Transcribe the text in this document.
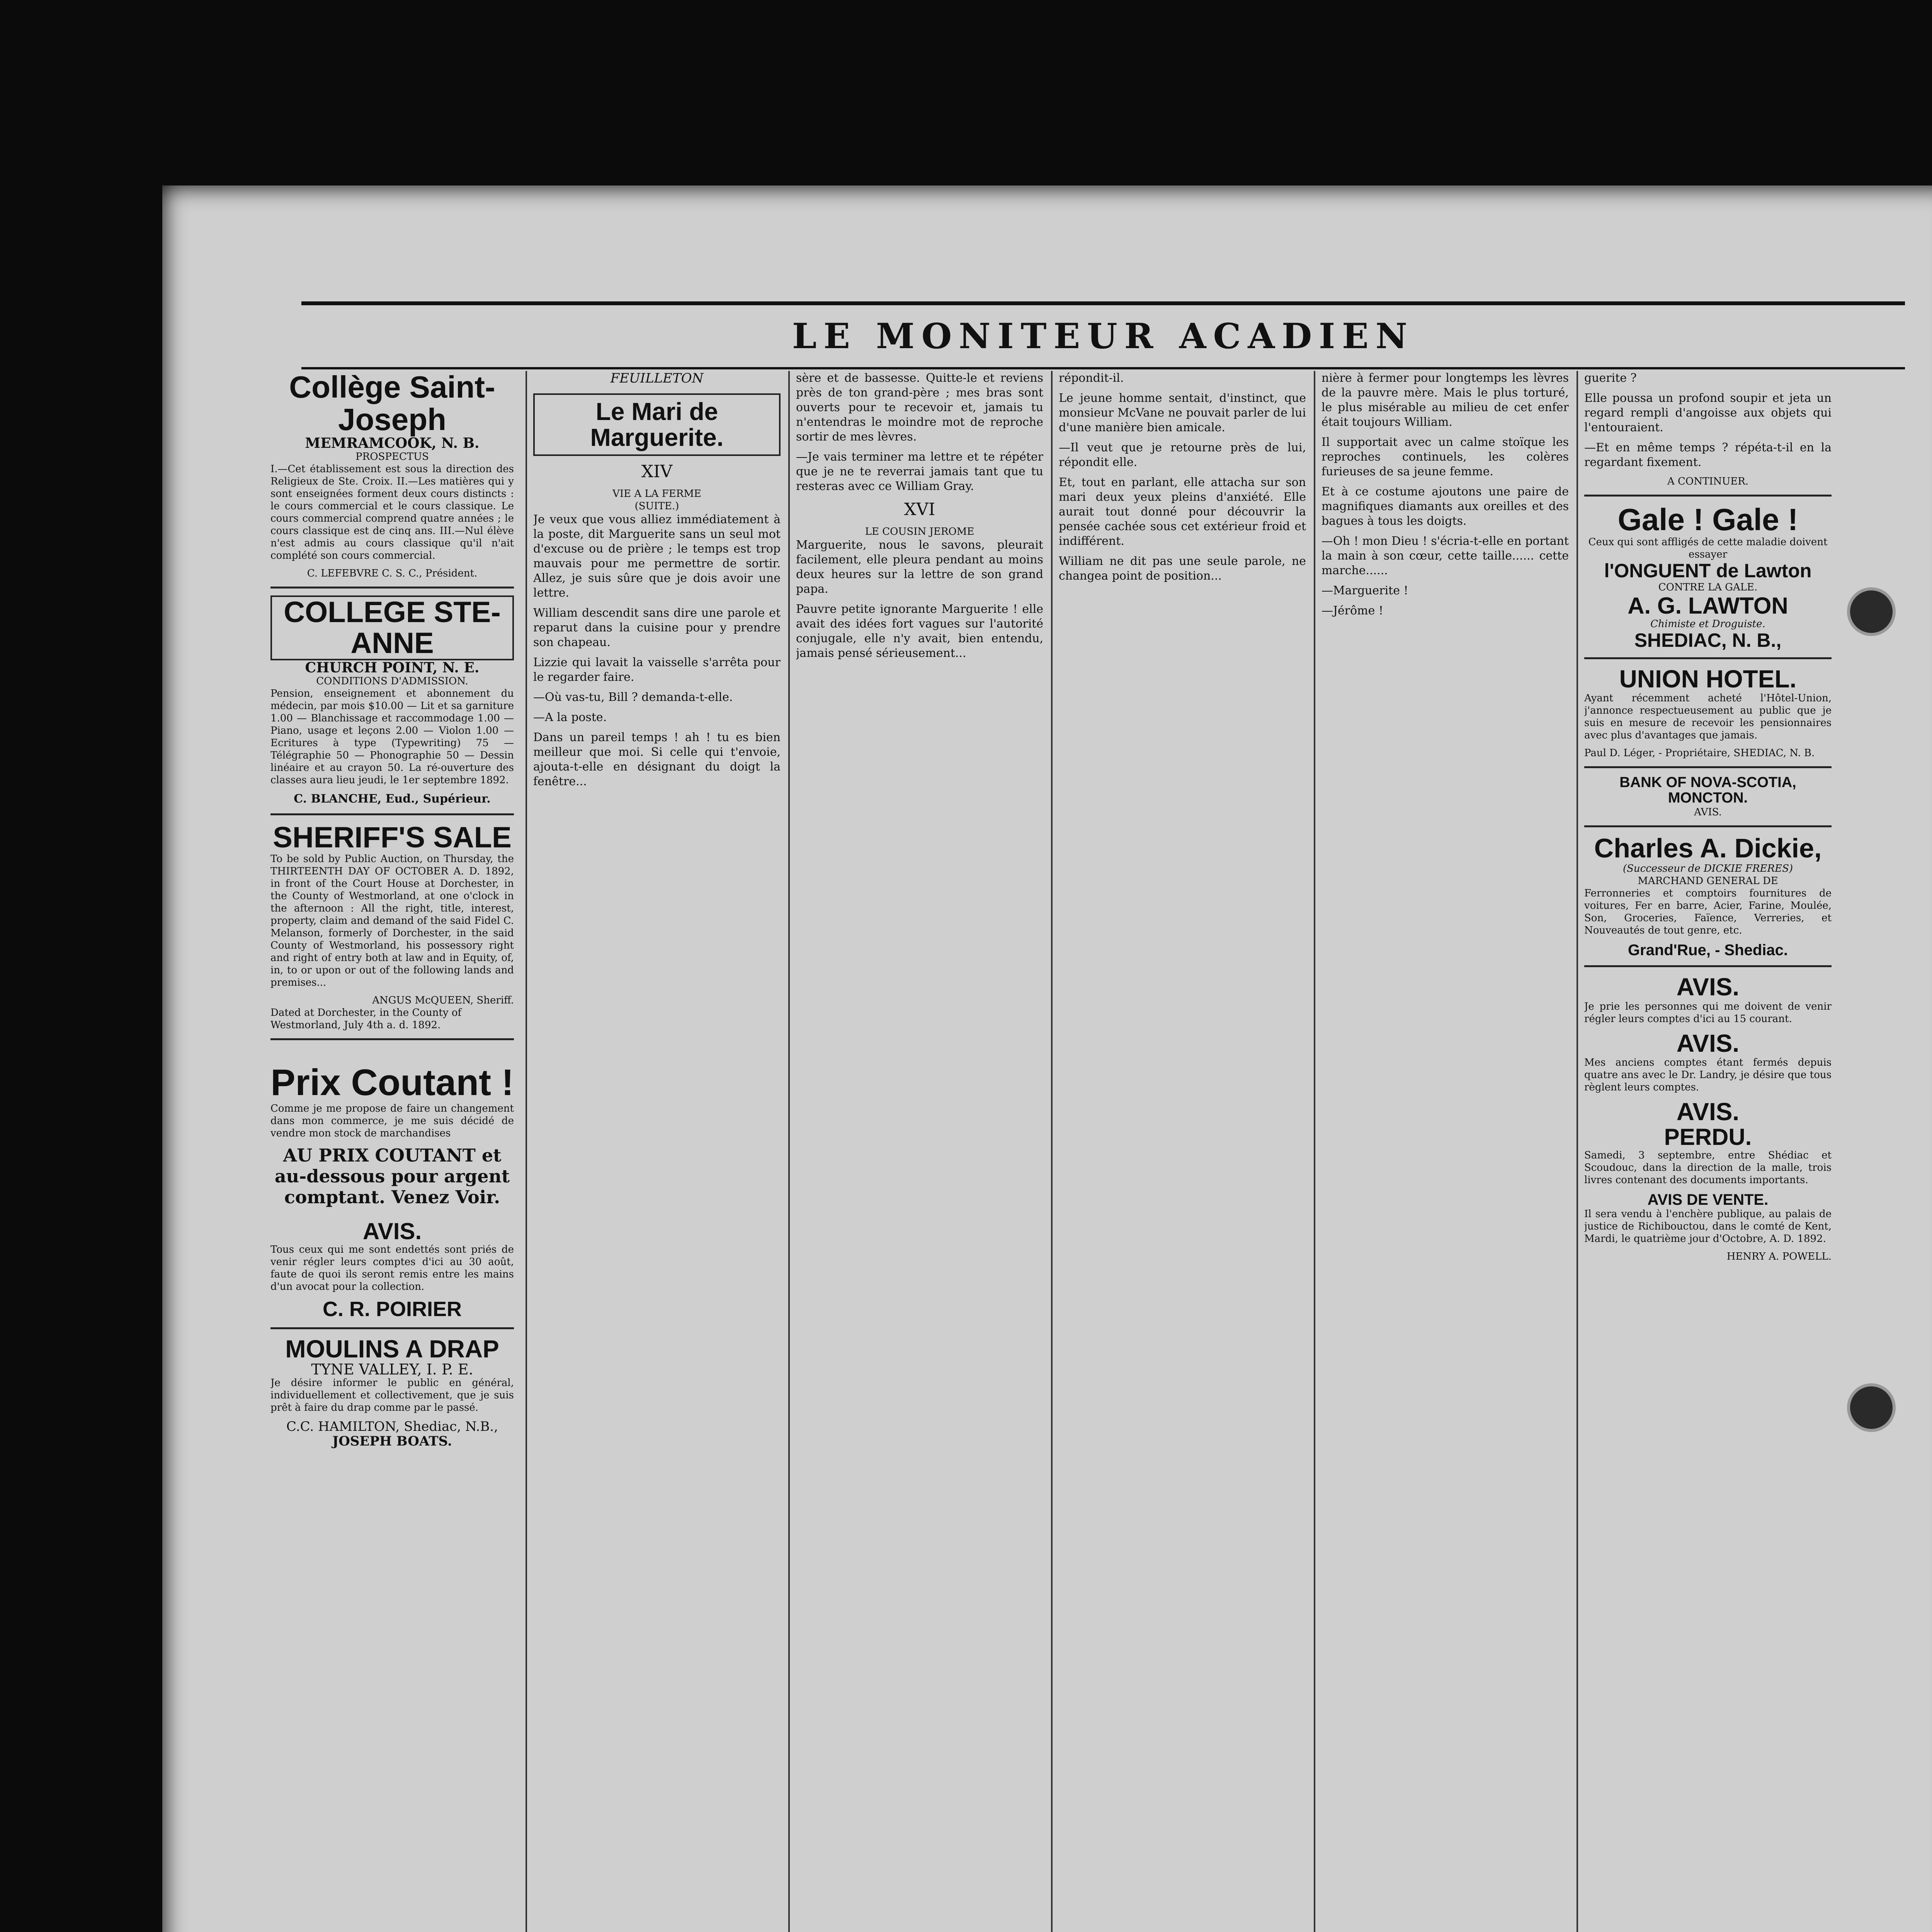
LE MONITEUR ACADIEN
Collège Saint-Joseph
MEMRAMCOOK, N. B.
PROSPECTUS

I.—Cet établissement est sous la direction des Religieux de Ste. Croix. II.—Les matières qui y sont enseignées forment deux cours distincts : le cours commercial et le cours classique. Le cours commercial comprend quatre années ; le cours classique est de cinq ans. III.—Nul élève n'est admis au cours classique qu'il n'ait complété son cours commercial.

C. LEFEBVRE C. S. C., Président.
COLLEGE STE-ANNE
CHURCH POINT, N. E.
CONDITIONS D'ADMISSION.

Pension, enseignement et abonnement du médecin, par mois $10.00 — Lit et sa garniture 1.00 — Blanchissage et raccommodage 1.00 — Piano, usage et leçons 2.00 — Violon 1.00 — Ecritures à type (Typewriting) 75 — Télégraphie 50 — Phonographie 50 — Dessin linéaire et au crayon 50. La ré-ouverture des classes aura lieu jeudi, le 1er septembre 1892.

C. BLANCHE, Eud., Supérieur.
SHERIFF'S SALE

To be sold by Public Auction, on Thursday, the THIRTEENTH DAY OF OCTOBER A. D. 1892, in front of the Court House at Dorchester, in the County of Westmorland, at one o'clock in the afternoon : All the right, title, interest, property, claim and demand of the said Fidel C. Melanson, formerly of Dorchester, in the said County of Westmorland, his possessory right and right of entry both at law and in Equity, of, in, to or upon or out of the following lands and premises...

ANGUS McQUEEN, Sheriff.
Dated at Dorchester, in the County of Westmorland, July 4th a. d. 1892.
Prix Coutant !

Comme je me propose de faire un changement dans mon commerce, je me suis décidé de vendre mon stock de marchandises

AU PRIX COUTANT et au-dessous pour argent comptant. Venez Voir.
AVIS.

Tous ceux qui me sont endettés sont priés de venir régler leurs comptes d'ici au 30 août, faute de quoi ils seront remis entre les mains d'un avocat pour la collection.

C. R. POIRIER
MOULINS A DRAP
TYNE VALLEY, I. P. E.

Je désire informer le public en général, individuellement et collectivement, que je suis prêt à faire du drap comme par le passé.

C.C. HAMILTON, Shediac, N.B.,
JOSEPH BOATS.
FEUILLETON
Le Mari de Marguerite.
XIV
VIE A LA FERME
(SUITE.)

Je veux que vous alliez immédiatement à la poste, dit Marguerite sans un seul mot d'excuse ou de prière ; le temps est trop mauvais pour me permettre de sortir. Allez, je suis sûre que je dois avoir une lettre.

William descendit sans dire une parole et reparut dans la cuisine pour y prendre son chapeau.

Lizzie qui lavait la vaisselle s'arrêta pour le regarder faire.

—Où vas-tu, Bill ? demanda-t-elle.

—A la poste.

Dans un pareil temps ! ah ! tu es bien meilleur que moi. Si celle qui t'envoie, ajouta-t-elle en désignant du doigt la fenêtre...

sère et de bassesse. Quitte-le et reviens près de ton grand-père ; mes bras sont ouverts pour te recevoir et, jamais tu n'entendras le moindre mot de reproche sortir de mes lèvres.

—Je vais terminer ma lettre et te répéter que je ne te reverrai jamais tant que tu resteras avec ce William Gray.

XVI
LE COUSIN JEROME

Marguerite, nous le savons, pleurait facilement, elle pleura pendant au moins deux heures sur la lettre de son grand papa.

Pauvre petite ignorante Marguerite ! elle avait des idées fort vagues sur l'autorité conjugale, elle n'y avait, bien entendu, jamais pensé sérieusement...

répondit-il.

Le jeune homme sentait, d'instinct, que monsieur McVane ne pouvait parler de lui d'une manière bien amicale.

—Il veut que je retourne près de lui, répondit elle.

Et, tout en parlant, elle attacha sur son mari deux yeux pleins d'anxiété. Elle aurait tout donné pour découvrir la pensée cachée sous cet extérieur froid et indifférent.

William ne dit pas une seule parole, ne changea point de position...

nière à fermer pour longtemps les lèvres de la pauvre mère. Mais le plus torturé, le plus misérable au milieu de cet enfer était toujours William.

Il supportait avec un calme stoïque les reproches continuels, les colères furieuses de sa jeune femme.

Et à ce costume ajoutons une paire de magnifiques diamants aux oreilles et des bagues à tous les doigts.

—Oh ! mon Dieu ! s'écria-t-elle en portant la main à son cœur, cette taille...... cette marche......

—Marguerite !

—Jérôme !

guerite ?

Elle poussa un profond soupir et jeta un regard rempli d'angoisse aux objets qui l'entouraient.

—Et en même temps ? répéta-t-il en la regardant fixement.

A CONTINUER.
Gale ! Gale !
Ceux qui sont affligés de cette maladie doivent essayer
l'ONGUENT de Lawton
CONTRE LA GALE.
A. G. LAWTON
Chimiste et Droguiste.
SHEDIAC, N. B.,
UNION HOTEL.

Ayant récemment acheté l'Hôtel-Union, j'annonce respectueusement au public que je suis en mesure de recevoir les pensionnaires avec plus d'avantages que jamais.

Paul D. Léger, - Propriétaire, SHEDIAC, N. B.
BANK OF NOVA-SCOTIA, MONCTON.
AVIS.
Charles A. Dickie,
(Successeur de DICKIE FRERES)
MARCHAND GENERAL DE

Ferronneries et comptoirs fournitures de voitures, Fer en barre, Acier, Farine, Moulée, Son, Groceries, Faïence, Verreries, et Nouveautés de tout genre, etc.

Grand'Rue, - Shediac.
AVIS.

Je prie les personnes qui me doivent de venir régler leurs comptes d'ici au 15 courant.

AVIS.

Mes anciens comptes étant fermés depuis quatre ans avec le Dr. Landry, je désire que tous règlent leurs comptes.

AVIS.
PERDU.

Samedi, 3 septembre, entre Shédiac et Scoudouc, dans la direction de la malle, trois livres contenant des documents importants.

AVIS DE VENTE.

Il sera vendu à l'enchère publique, au palais de justice de Richibouctou, dans le comté de Kent, Mardi, le quatrième jour d'Octobre, A. D. 1892.

HENRY A. POWELL.
